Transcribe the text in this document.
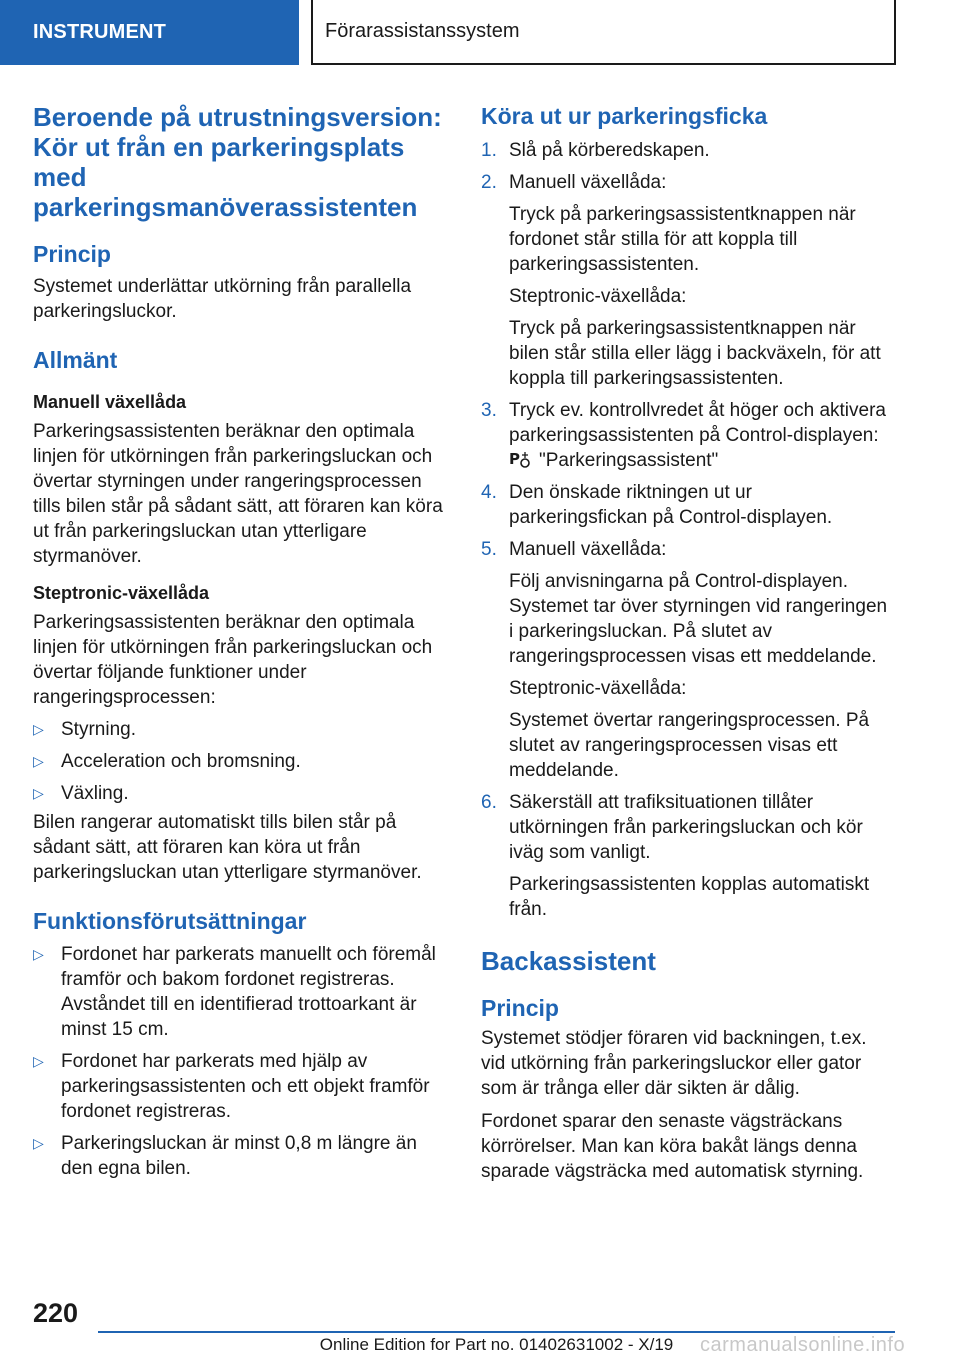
INSTRUMENT	Förarassistanssystem
Beroende på utrustningsversion: Kör ut från en parkeringsplats med parkeringsmanöverassistenten
Princip

Systemet underlättar utkörning från parallella parkeringsluckor.

Allmänt
Manuell växellåda

Parkeringsassistenten beräknar den optimala linjen för utkörningen från parkeringsluckan och övertar styrningen under rangeringsprocessen tills bilen står på sådant sätt, att föraren kan köra ut från parkeringsluckan utan ytterligare styrmanöver.

Steptronic-växellåda

Parkeringsassistenten beräknar den optimala linjen för utkörningen från parkeringsluckan och övertar följande funktioner under rangeringsprocessen:

▷ Styrning.
▷ Acceleration och bromsning.
▷ Växling.

Bilen rangerar automatiskt tills bilen står på sådant sätt, att föraren kan köra ut från parkeringsluckan utan ytterligare styrmanöver.

Funktionsförutsättningar
▷ Fordonet har parkerats manuellt och föremål framför och bakom fordonet registreras. Avståndet till en identifierad trottoarkant är minst 15 cm.
▷ Fordonet har parkerats med hjälp av parkeringsassistenten och ett objekt framför fordonet registreras.
▷ Parkeringsluckan är minst 0,8 m längre än den egna bilen.
Köra ut ur parkeringsficka
1. Slå på körberedskapen.

2. Manuell växellåda:

Tryck på parkeringsassistentknappen när fordonet står stilla för att koppla till parkeringsassistenten.

Steptronic-växellåda:

Tryck på parkeringsassistentknappen när bilen står stilla eller lägg i backväxeln, för att koppla till parkeringsassistenten.

3. Tryck ev. kontrollvredet åt höger och aktivera parkeringsassistenten på Control-displayen:

P "Parkeringsassistent"

4. Den önskade riktningen ut ur parkeringsfickan på Control-displayen.

5. Manuell växellåda:

Följ anvisningarna på Control-displayen. Systemet tar över styrningen vid rangeringen i parkeringsluckan. På slutet av rangeringsprocessen visas ett meddelande.

Steptronic-växellåda:

Systemet övertar rangeringsprocessen. På slutet av rangeringsprocessen visas ett meddelande.

6. Säkerställ att trafiksituationen tillåter utkörningen från parkeringsluckan och kör iväg som vanligt.

Parkeringsassistenten kopplas automatiskt från.

Backassistent
Princip

Systemet stödjer föraren vid backningen, t.ex. vid utkörning från parkeringsluckor eller gator som är trånga eller där sikten är dålig.

Fordonet sparar den senaste vägsträckans körrörelser. Man kan köra bakåt längs denna sparade vägsträcka med automatisk styrning.

220
Online Edition for Part no. 01402631002 - X/19	carmanualsonline.info
